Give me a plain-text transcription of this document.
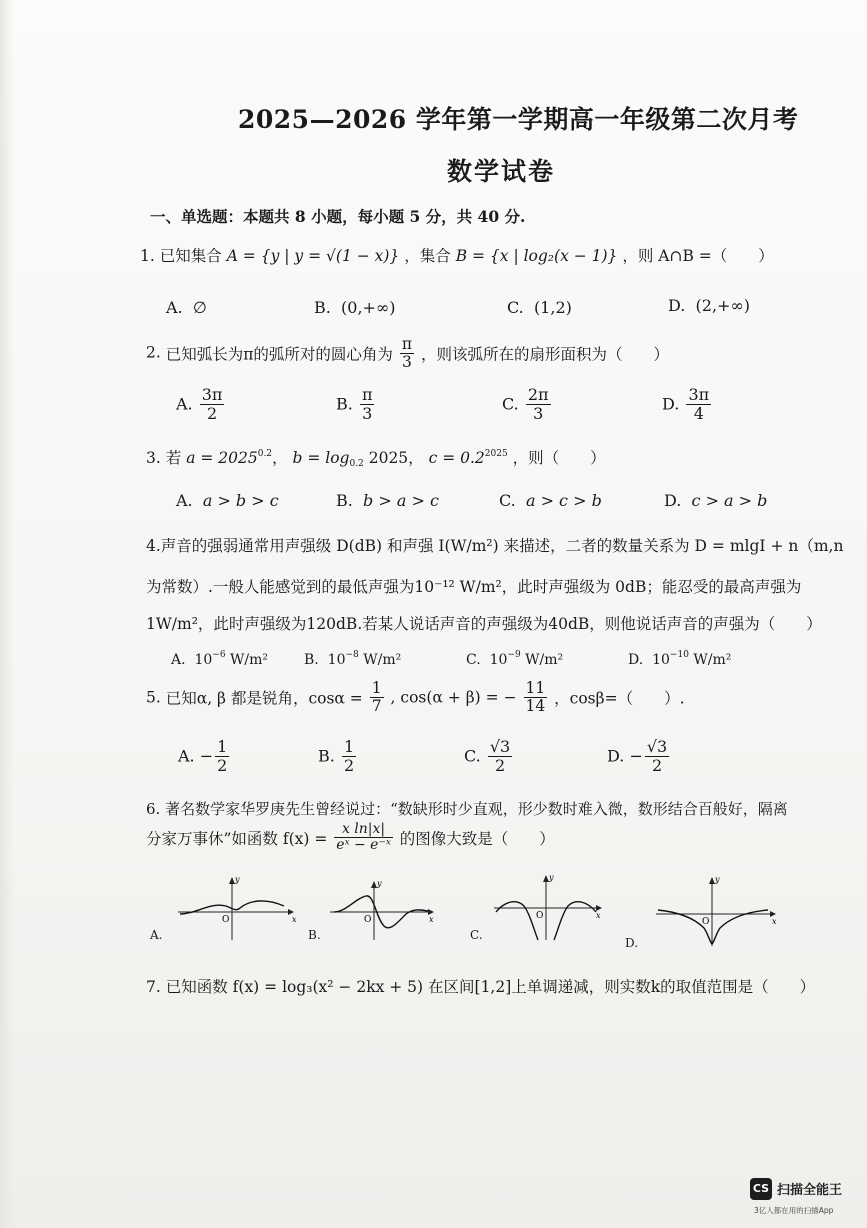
2025—2026 学年第一学期高一年级第二次月考
数学试卷
一、单选题：本题共 8 小题，每小题 5 分，共 40 分.
1. 已知集合 A = {y | y = √(1 − x)} ，集合 B = {x | log₂(x − 1)} ，则 A∩B =（　　）
A. ∅	B. (0,+∞)	C. (1,2)	D. (2,+∞)
2. 已知弧长为π的弧所对的圆心角为 $\frac{\pi}{3}$ ，则该弧所在的扇形面积为（　　）
A. $\frac{3\pi}{2}$	B. $\frac{\pi}{3}$	C. $\frac{2\pi}{3}$	D. $\frac{3\pi}{4}$
3. 若 $a = 2025^{0.2}$， $b = \log_{0.2} 2025$， $c = 0.2^{2025}$ ，则（　　）
A. a > b > c	B. b > a > c	C. a > c > b	D. c > a > b
4.声音的强弱通常用声强级 D(dB) 和声强 I(W/m²) 来描述，二者的数量关系为 D = mlgI + n（m,n
为常数）.一般人能感觉到的最低声强为10⁻¹² W/m²，此时声强级为 0dB；能忍受的最高声强为
1W/m²，此时声强级为120dB.若某人说话声音的声强级为40dB，则他说话声音的声强为（　　）
A. $10^{-6}$ W/m²	B. $10^{-8}$ W/m²	C. $10^{-9}$ W/m²	D. $10^{-10}$ W/m²
5. 已知α, β 都是锐角，$\cos\alpha = \frac{1}{7}$ , cos(α + β) = − $\frac{11}{14}$ ，cosβ=（　　）.
A. − $\frac{1}{2}$	B. $\frac{1}{2}$	C. $\frac{√3}{2}$	D. − $\frac{√3}{2}$
6. 著名数学家华罗庚先生曾经说过：“数缺形时少直观，形少数时难入微，数形结合百般好，隔离
分家万事休”如函数 $f(x) = \frac{\text{x ln|x|}}{\text{eˣ − e⁻ˣ}}$ 的图像大致是（　　）
A.
x
y
O
B.
x
y
O
C.
x
y
O
D.
x
y
O
7. 已知函数 f(x) = log₃(x² − 2kx + 5) 在区间[1,2]上单调递减，则实数k的取值范围是（　　）
CS 扫描全能王
3亿人都在用的扫描App
